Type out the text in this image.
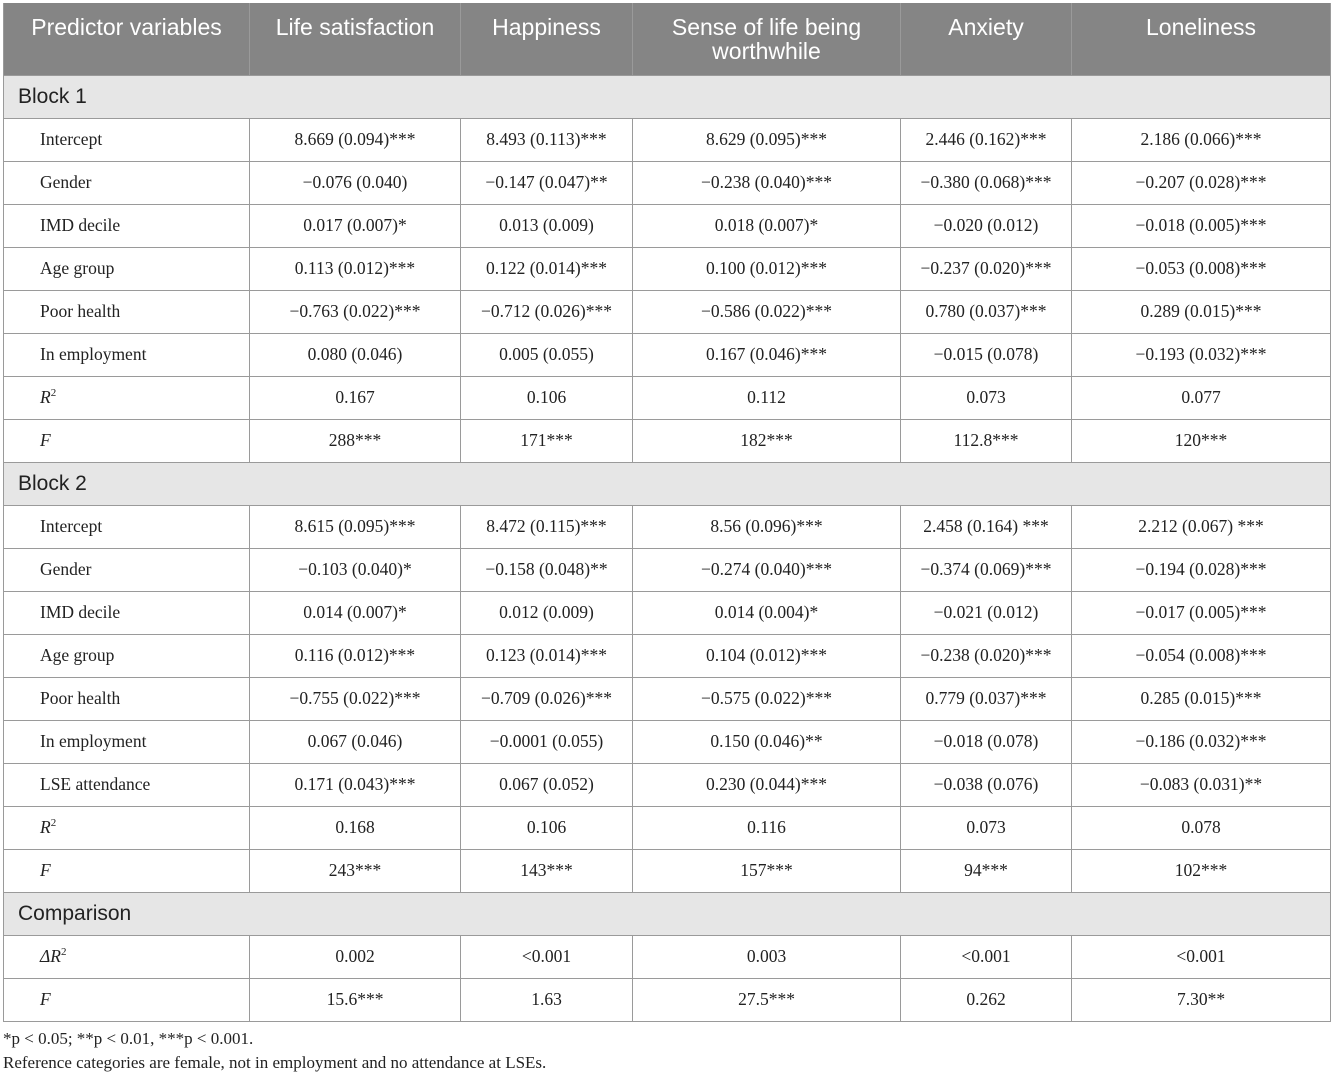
Predictor variables	Life satisfaction	Happiness	Sense of life being worthwhile	Anxiety	Loneliness
Block 1					
Intercept	8.669 (0.094)***	8.493 (0.113)***	8.629 (0.095)***	2.446 (0.162)***	2.186 (0.066)***
Gender	−0.076 (0.040)	−0.147 (0.047)**	−0.238 (0.040)***	−0.380 (0.068)***	−0.207 (0.028)***
IMD decile	0.017 (0.007)*	0.013 (0.009)	0.018 (0.007)*	−0.020 (0.012)	−0.018 (0.005)***
Age group	0.113 (0.012)***	0.122 (0.014)***	0.100 (0.012)***	−0.237 (0.020)***	−0.053 (0.008)***
Poor health	−0.763 (0.022)***	−0.712 (0.026)***	−0.586 (0.022)***	0.780 (0.037)***	0.289 (0.015)***
In employment	0.080 (0.046)	0.005 (0.055)	0.167 (0.046)***	−0.015 (0.078)	−0.193 (0.032)***
$R^2$	0.167	0.106	0.112	0.073	0.077
F	288***	171***	182***	112.8***	120***
Block 2					
Intercept	8.615 (0.095)***	8.472 (0.115)***	8.56 (0.096)***	2.458 (0.164) ***	2.212 (0.067) ***
Gender	−0.103 (0.040)*	−0.158 (0.048)**	−0.274 (0.040)***	−0.374 (0.069)***	−0.194 (0.028)***
IMD decile	0.014 (0.007)*	0.012 (0.009)	0.014 (0.004)*	−0.021 (0.012)	−0.017 (0.005)***
Age group	0.116 (0.012)***	0.123 (0.014)***	0.104 (0.012)***	−0.238 (0.020)***	−0.054 (0.008)***
Poor health	−0.755 (0.022)***	−0.709 (0.026)***	−0.575 (0.022)***	0.779 (0.037)***	0.285 (0.015)***
In employment	0.067 (0.046)	−0.0001 (0.055)	0.150 (0.046)**	−0.018 (0.078)	−0.186 (0.032)***
LSE attendance	0.171 (0.043)***	0.067 (0.052)	0.230 (0.044)***	−0.038 (0.076)	−0.083 (0.031)**
$R^2$	0.168	0.106	0.116	0.073	0.078
F	243***	143***	157***	94***	102***
Comparison					
$\Delta R^2$	0.002	<0.001	0.003	<0.001	<0.001
F	15.6***	1.63	27.5***	0.262	7.30**

*p < 0.05; **p < 0.01, ***p < 0.001.

Reference categories are female, not in employment and no attendance at LSEs.
